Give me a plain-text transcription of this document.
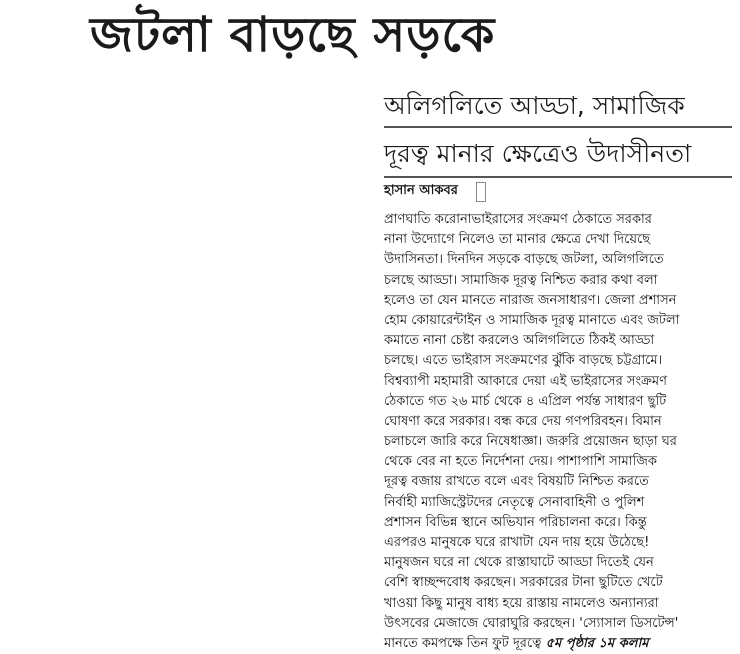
জটলা বাড়ছে সড়কে
অলিগলিতে আড্ডা, সামাজিক
দূরত্ব মানার ক্ষেত্রেও উদাসীনতা
হাসান আকবর
প্রাণঘাতি করোনাভাইরাসের সংক্রমণ ঠেকাতে সরকার
নানা উদ্যোগে নিলেও তা মানার ক্ষেত্রে দেখা দিয়েছে
উদাসিনতা। দিনদিন সড়কে বাড়ছে জটলা, অলিগলিতে
চলছে আড্ডা। সামাজিক দূরত্ব নিশ্চিত করার কথা বলা
হলেও তা যেন মানতে নারাজ জনসাধারণ। জেলা প্রশাসন
হোম কোয়ারেন্টাইন ও সামাজিক দূরত্ব মানাতে এবং জটলা
কমাতে নানা চেষ্টা করলেও অলিগলিতে ঠিকই আড্ডা
চলছে। এতে ভাইরাস সংক্রমণের ঝুঁকি বাড়ছে চট্টগ্রামে।
বিশ্বব্যাপী মহামারী আকারে দেয়া এই ভাইরাসের সংক্রমণ
ঠেকাতে গত ২৬ মার্চ থেকে ৪ এপ্রিল পর্যন্ত সাধারণ ছুটি
ঘোষণা করে সরকার। বন্ধ করে দেয় গণপরিবহন। বিমান
চলাচলে জারি করে নিষেধাজ্ঞা। জরুরি প্রয়োজন ছাড়া ঘর
থেকে বের না হতে নির্দেশনা দেয়। পাশাপাশি সামাজিক
দূরত্ব বজায় রাখতে বলে এবং বিষয়টি নিশ্চিত করতে
নির্বাহী ম্যাজিস্ট্রেটদের নেতৃত্বে সেনাবাহিনী ও পুলিশ
প্রশাসন বিভিন্ন স্থানে অভিযান পরিচালনা করে। কিন্তু
এরপরও মানুষকে ঘরে রাখাটা যেন দায় হয়ে উঠেছে!
মানুষজন ঘরে না থেকে রাস্তাঘাটে আড্ডা দিতেই যেন
বেশি স্বাচ্ছন্দবোধ করছেন। সরকারের টানা ছুটিতে খেটে
খাওয়া কিছু মানুষ বাধ্য হয়ে রাস্তায় নামলেও অন্যান্যরা
উৎসবের মেজাজে ঘোরাঘুরি করছেন। 'স্যোসাল ডিসটেন্স'
মানতে কমপক্ষে তিন ফুট দূরত্বে ৫ম পৃষ্ঠার ১ম কলাম
